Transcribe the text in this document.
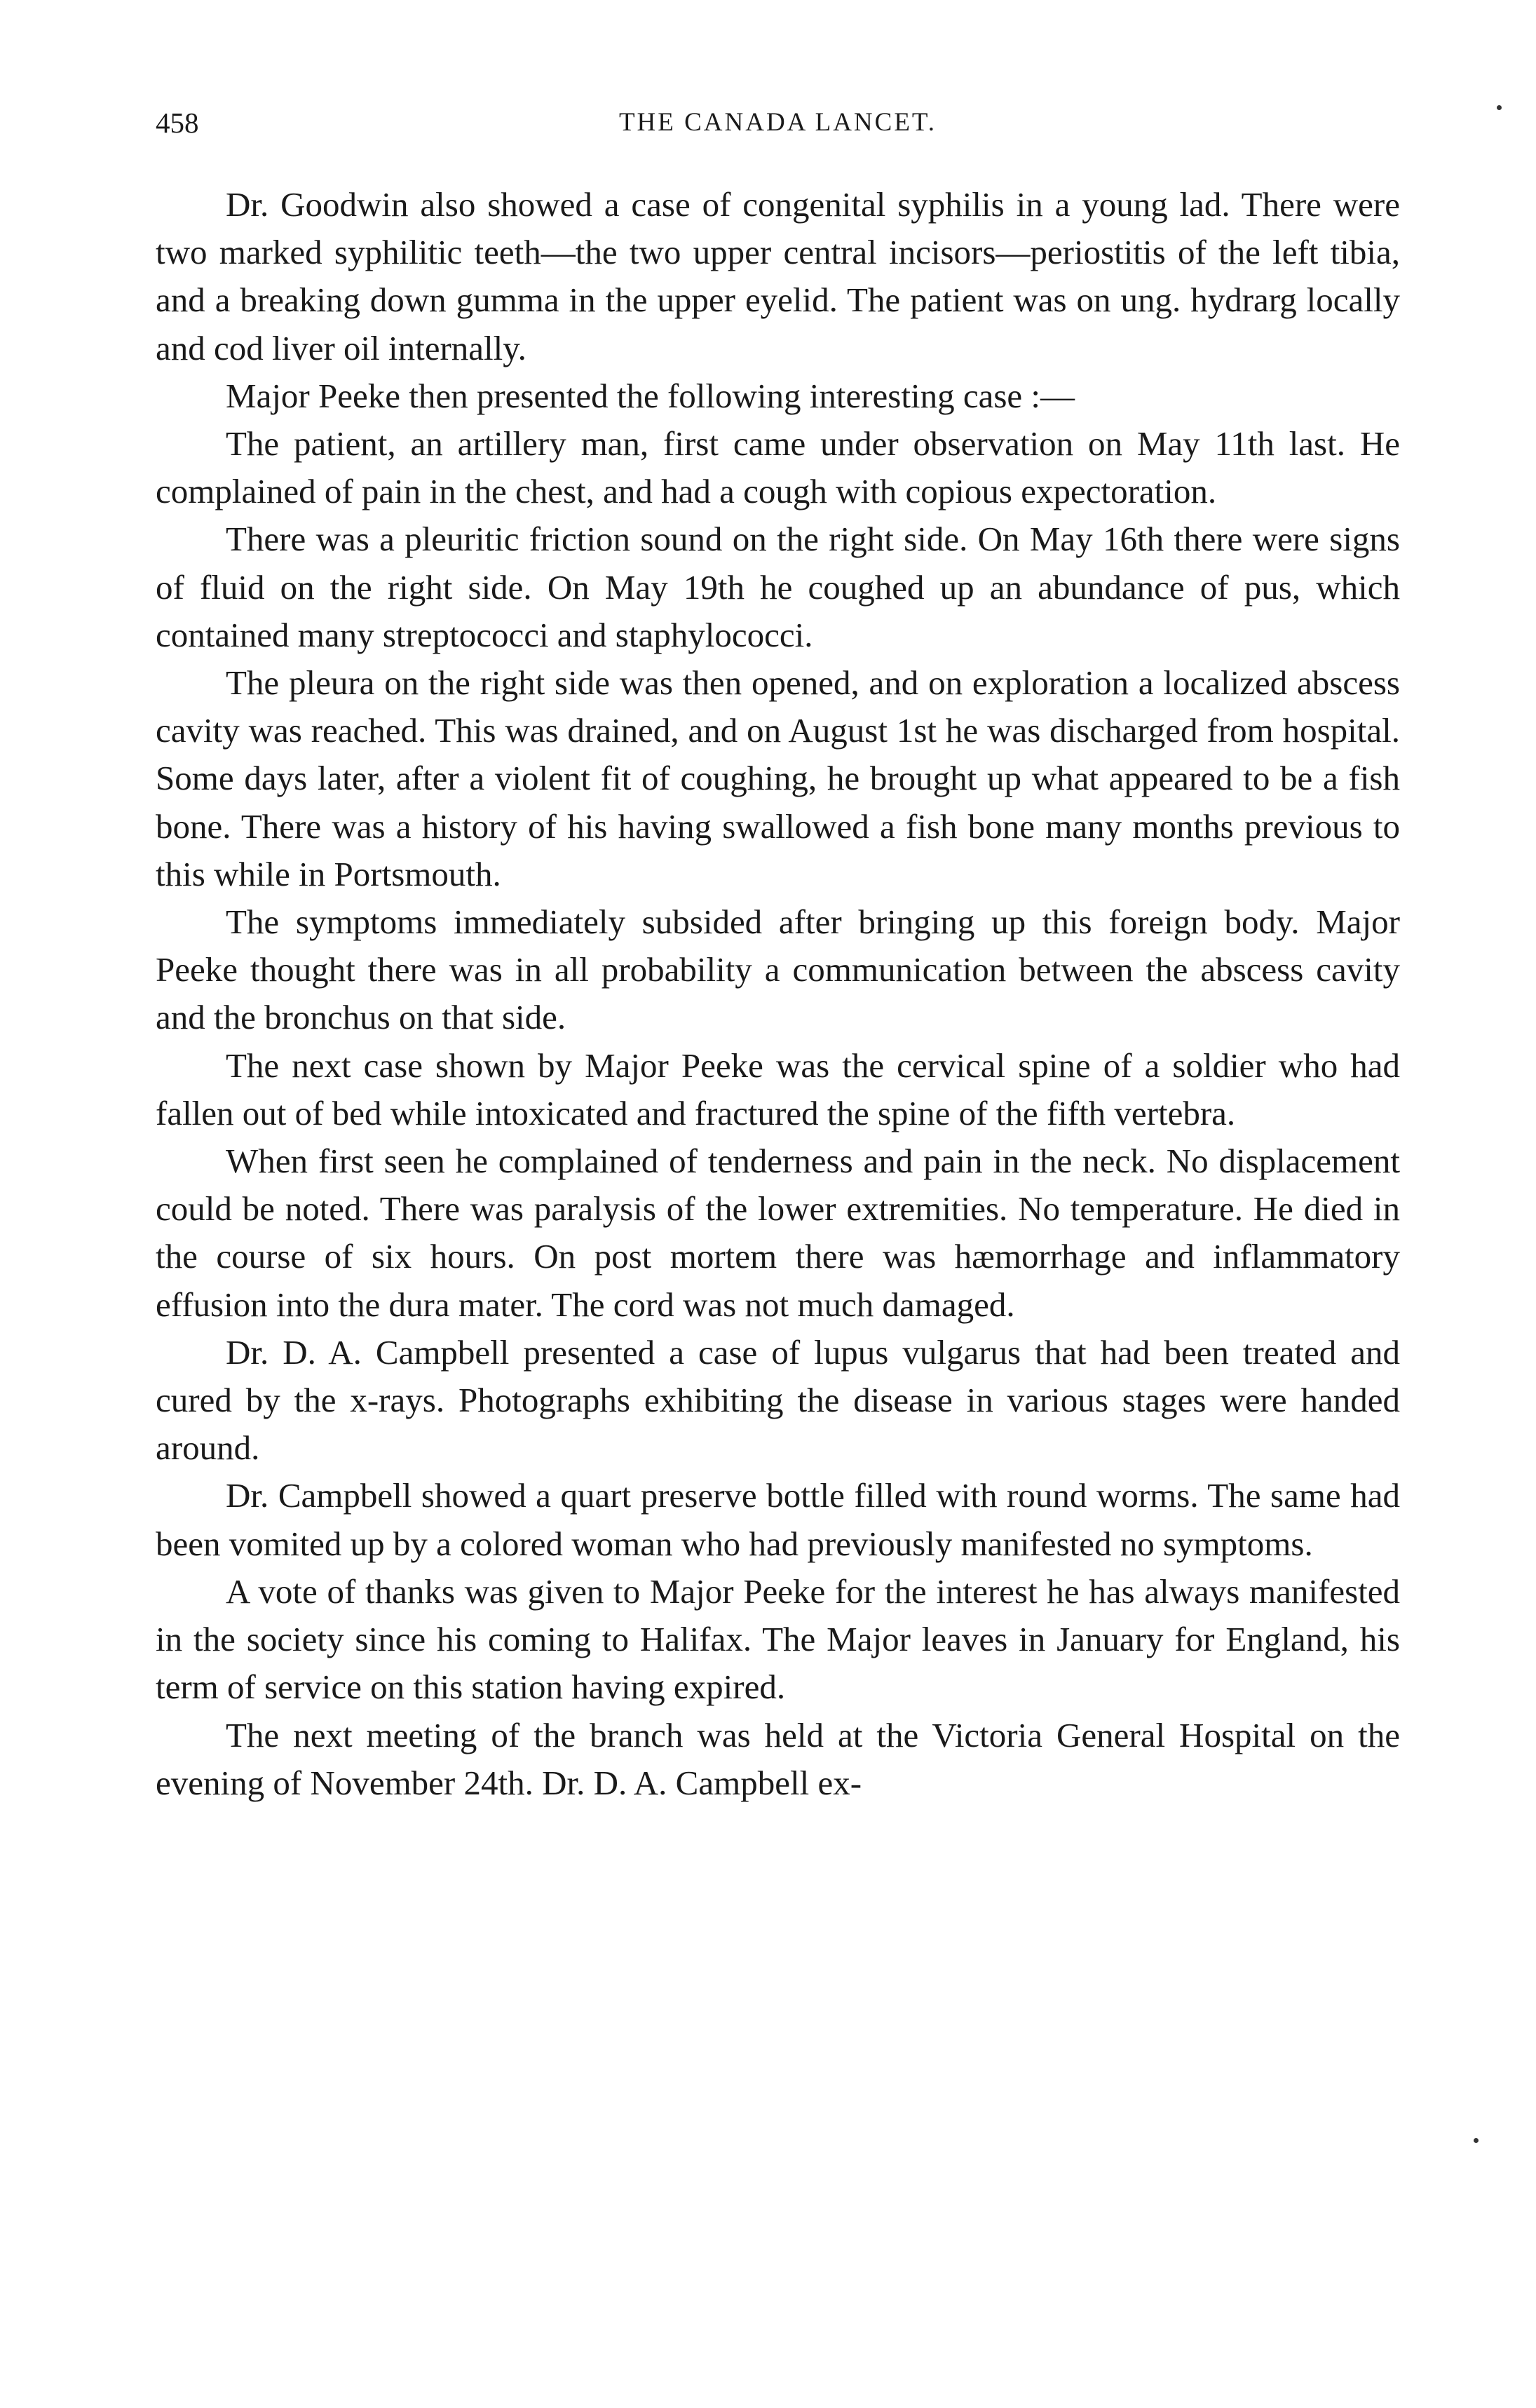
458	THE CANADA LANCET.

Dr. Goodwin also showed a case of congenital syphilis in a young lad. There were two marked syphilitic teeth—the two upper central incisors—periostitis of the left tibia, and a breaking down gumma in the upper eyelid. The patient was on ung. hydrarg locally and cod liver oil internally.

Major Peeke then presented the following interesting case :—

The patient, an artillery man, first came under observation on May 11th last. He complained of pain in the chest, and had a cough with copious expectoration.

There was a pleuritic friction sound on the right side. On May 16th there were signs of fluid on the right side. On May 19th he coughed up an abundance of pus, which contained many streptococci and staphylococci.

The pleura on the right side was then opened, and on exploration a localized abscess cavity was reached. This was drained, and on August 1st he was discharged from hospital. Some days later, after a violent fit of coughing, he brought up what appeared to be a fish bone. There was a history of his having swallowed a fish bone many months previous to this while in Portsmouth.

The symptoms immediately subsided after bringing up this foreign body. Major Peeke thought there was in all probability a communication between the abscess cavity and the bronchus on that side.

The next case shown by Major Peeke was the cervical spine of a soldier who had fallen out of bed while intoxicated and fractured the spine of the fifth vertebra.

When first seen he complained of tenderness and pain in the neck. No displacement could be noted. There was paralysis of the lower extremities. No temperature. He died in the course of six hours. On post mortem there was hæmorrhage and inflammatory effusion into the dura mater. The cord was not much damaged.

Dr. D. A. Campbell presented a case of lupus vulgarus that had been treated and cured by the x-rays. Photographs exhibiting the disease in various stages were handed around.

Dr. Campbell showed a quart preserve bottle filled with round worms. The same had been vomited up by a colored woman who had previously manifested no symptoms.

A vote of thanks was given to Major Peeke for the interest he has always manifested in the society since his coming to Halifax. The Major leaves in January for England, his term of service on this station having expired.

The next meeting of the branch was held at the Victoria General Hospital on the evening of November 24th. Dr. D. A. Campbell ex-
